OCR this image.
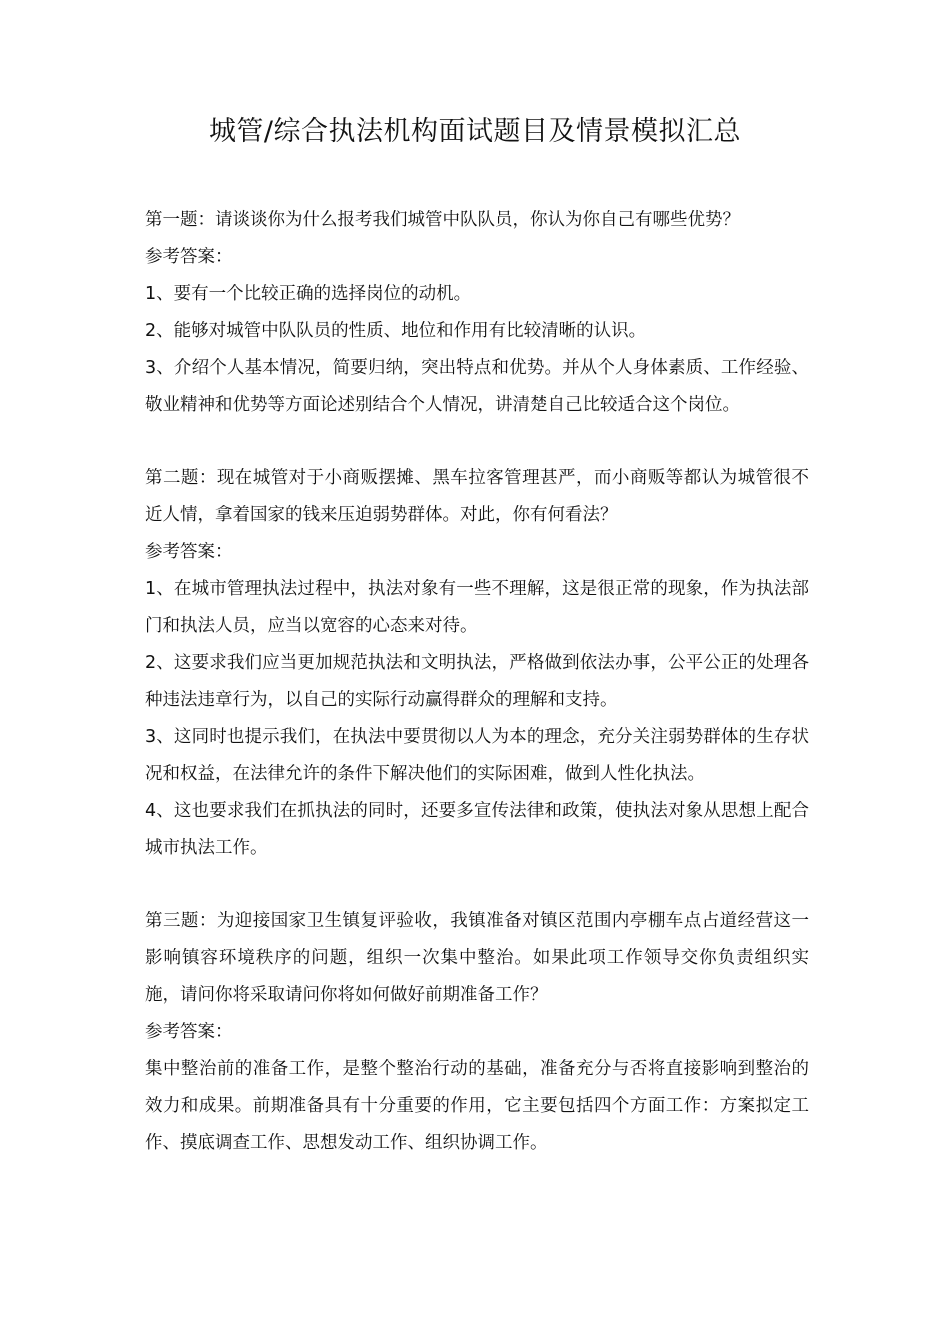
城管/综合执法机构面试题目及情景模拟汇总

第一题：请谈谈你为什么报考我们城管中队队员，你认为你自己有哪些优势？

参考答案：

1、要有一个比较正确的选择岗位的动机。

2、能够对城管中队队员的性质、地位和作用有比较清晰的认识。

3、介绍个人基本情况，简要归纳，突出特点和优势。并从个人身体素质、工作经验、敬业精神和优势等方面论述别结合个人情况，讲清楚自己比较适合这个岗位。

第二题：现在城管对于小商贩摆摊、黑车拉客管理甚严，而小商贩等都认为城管很不近人情，拿着国家的钱来压迫弱势群体。对此，你有何看法？

参考答案：

1、在城市管理执法过程中，执法对象有一些不理解，这是很正常的现象，作为执法部门和执法人员，应当以宽容的心态来对待。

2、这要求我们应当更加规范执法和文明执法，严格做到依法办事，公平公正的处理各种违法违章行为，以自己的实际行动赢得群众的理解和支持。

3、这同时也提示我们，在执法中要贯彻以人为本的理念，充分关注弱势群体的生存状况和权益，在法律允许的条件下解决他们的实际困难，做到人性化执法。

4、这也要求我们在抓执法的同时，还要多宣传法律和政策，使执法对象从思想上配合城市执法工作。

第三题：为迎接国家卫生镇复评验收，我镇准备对镇区范围内亭棚车点占道经营这一影响镇容环境秩序的问题，组织一次集中整治。如果此项工作领导交你负责组织实施，请问你将采取请问你将如何做好前期准备工作？

参考答案：

集中整治前的准备工作，是整个整治行动的基础，准备充分与否将直接影响到整治的效力和成果。前期准备具有十分重要的作用，它主要包括四个方面工作：方案拟定工作、摸底调查工作、思想发动工作、组织协调工作。
